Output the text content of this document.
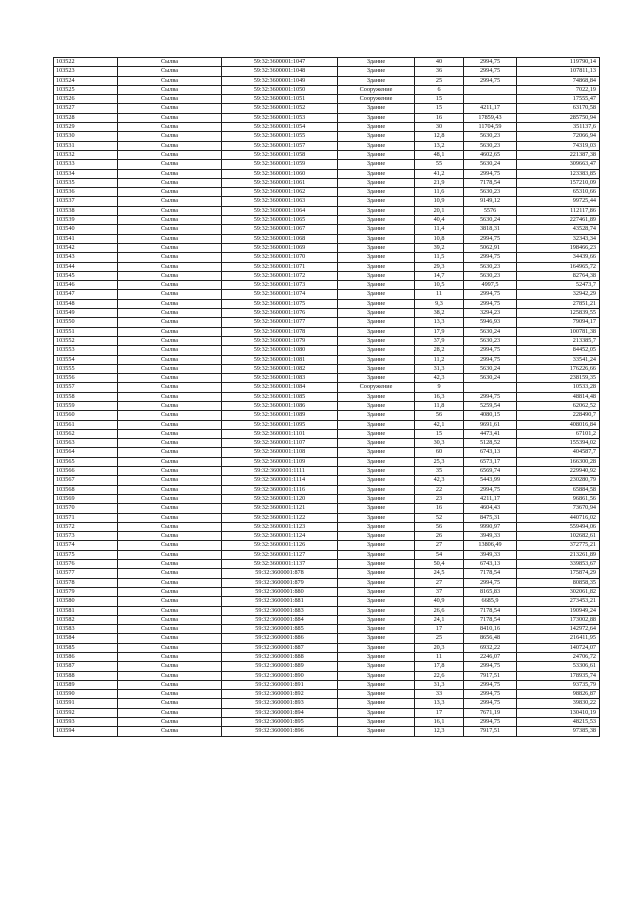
103522	Сылва	59:32:3600001:1047	Здание	40	2994,75	119790,14
103523	Сылва	59:32:3600001:1048	Здание	36	2994,75	107811,13
103524	Сылва	59:32:3600001:1049	Здание	25	2994,75	74868,84
103525	Сылва	59:32:3600001:1050	Сооружение	6		7022,19
103526	Сылва	59:32:3600001:1051	Сооружение	15		17555,47
103527	Сылва	59:32:3600001:1052	Здание	15	4211,17	63170,58
103528	Сылва	59:32:3600001:1053	Здание	16	17859,43	285750,94
103529	Сылва	59:32:3600001:1054	Здание	30	11704,59	351137,6
103530	Сылва	59:32:3600001:1055	Здание	12,8	5630,23	72066,94
103531	Сылва	59:32:3600001:1057	Здание	13,2	5630,23	74319,03
103532	Сылва	59:32:3600001:1058	Здание	48,1	4602,65	221387,38
103533	Сылва	59:32:3600001:1059	Здание	55	5630,24	309663,47
103534	Сылва	59:32:3600001:1060	Здание	41,2	2994,75	123383,85
103535	Сылва	59:32:3600001:1061	Здание	21,9	7178,54	157210,09
103536	Сылва	59:32:3600001:1062	Здание	11,6	5630,23	65310,66
103537	Сылва	59:32:3600001:1063	Здание	10,9	9149,12	99725,44
103538	Сылва	59:32:3600001:1064	Здание	20,1	5576	112117,86
103539	Сылва	59:32:3600001:1065	Здание	40,4	5630,24	227461,89
103540	Сылва	59:32:3600001:1067	Здание	11,4	3818,31	43528,74
103541	Сылва	59:32:3600001:1068	Здание	10,8	2994,75	32343,34
103542	Сылва	59:32:3600001:1069	Здание	39,2	5062,91	198466,23
103543	Сылва	59:32:3600001:1070	Здание	11,5	2994,75	34439,66
103544	Сылва	59:32:3600001:1071	Здание	29,3	5630,23	164965,72
103545	Сылва	59:32:3600001:1072	Здание	14,7	5630,23	82764,38
103546	Сылва	59:32:3600001:1073	Здание	10,5	4997,5	52473,7
103547	Сылва	59:32:3600001:1074	Здание	11	2994,75	32942,29
103548	Сылва	59:32:3600001:1075	Здание	9,3	2994,75	27851,21
103549	Сылва	59:32:3600001:1076	Здание	38,2	3294,23	125839,55
103550	Сылва	59:32:3600001:1077	Здание	13,3	5946,93	79094,17
103551	Сылва	59:32:3600001:1078	Здание	17,9	5630,24	100781,38
103552	Сылва	59:32:3600001:1079	Здание	37,9	5630,23	213385,7
103553	Сылва	59:32:3600001:1080	Здание	28,2	2994,75	84452,05
103554	Сылва	59:32:3600001:1081	Здание	11,2	2994,75	33541,24
103555	Сылва	59:32:3600001:1082	Здание	31,3	5630,24	176226,66
103556	Сылва	59:32:3600001:1083	Здание	42,3	5630,24	238159,35
103557	Сылва	59:32:3600001:1084	Сооружение	9		10533,28
103558	Сылва	59:32:3600001:1085	Здание	16,3	2994,75	48814,48
103559	Сылва	59:32:3600001:1086	Здание	11,8	5259,54	62062,52
103560	Сылва	59:32:3600001:1089	Здание	56	4080,15	228490,7
103561	Сылва	59:32:3600001:1095	Здание	42,1	9691,61	408016,84
103562	Сылва	59:32:3600001:1101	Здание	15	4473,41	67101,2
103563	Сылва	59:32:3600001:1107	Здание	30,3	5128,52	155394,02
103564	Сылва	59:32:3600001:1108	Здание	60	6743,13	404587,7
103565	Сылва	59:32:3600001:1109	Здание	25,3	6573,17	166300,28
103566	Сылва	59:32:3600001:1111	Здание	35	6569,74	229940,92
103567	Сылва	59:32:3600001:1114	Здание	42,3	5443,99	230280,79
103568	Сылва	59:32:3600001:1116	Здание	22	2994,75	65884,58
103569	Сылва	59:32:3600001:1120	Здание	23	4211,17	96861,56
103570	Сылва	59:32:3600001:1121	Здание	16	4604,43	73670,94
103571	Сылва	59:32:3600001:1122	Здание	52	8475,31	440716,02
103572	Сылва	59:32:3600001:1123	Здание	56	9990,97	559494,06
103573	Сылва	59:32:3600001:1124	Здание	26	3949,33	102682,61
103574	Сылва	59:32:3600001:1126	Здание	27	13806,49	372775,21
103575	Сылва	59:32:3600001:1127	Здание	54	3949,33	213261,89
103576	Сылва	59:32:3600001:1137	Здание	50,4	6743,13	339853,67
103577	Сылва	59:32:3600001:878	Здание	24,5	7178,54	175874,29
103578	Сылва	59:32:3600001:879	Здание	27	2994,75	80858,35
103579	Сылва	59:32:3600001:880	Здание	37	8165,83	302061,82
103580	Сылва	59:32:3600001:881	Здание	40,9	6685,9	273453,21
103581	Сылва	59:32:3600001:883	Здание	26,6	7178,54	190949,24
103582	Сылва	59:32:3600001:884	Здание	24,1	7178,54	173002,88
103583	Сылва	59:32:3600001:885	Здание	17	8410,16	142972,64
103584	Сылва	59:32:3600001:886	Здание	25	8656,48	216411,95
103585	Сылва	59:32:3600001:887	Здание	20,3	6932,22	140724,07
103586	Сылва	59:32:3600001:888	Здание	11	2246,07	24706,72
103587	Сылва	59:32:3600001:889	Здание	17,8	2994,75	53306,61
103588	Сылва	59:32:3600001:890	Здание	22,6	7917,51	178935,74
103589	Сылва	59:32:3600001:891	Здание	31,3	2994,75	93735,79
103590	Сылва	59:32:3600001:892	Здание	33	2994,75	98826,87
103591	Сылва	59:32:3600001:893	Здание	13,3	2994,75	39830,22
103592	Сылва	59:32:3600001:894	Здание	17	7671,19	130410,19
103593	Сылва	59:32:3600001:895	Здание	16,1	2994,75	48215,53
103594	Сылва	59:32:3600001:896	Здание	12,3	7917,51	97385,38
